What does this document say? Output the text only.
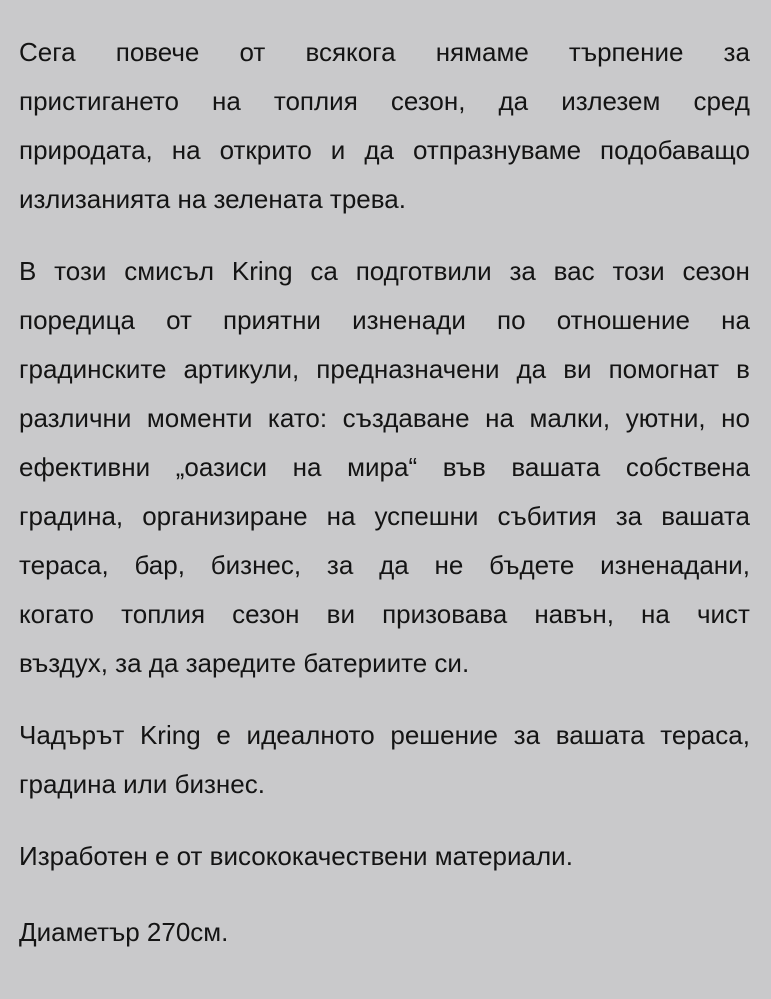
Сега повече от всякога нямаме търпение за
пристигането на топлия сезон, да излезем сред
природата, на открито и да отпразнуваме подобаващо
излизанията на зелената трева.

В този смисъл Kring са подготвили за вас този сезон
поредица от приятни изненади по отношение на
градинските артикули, предназначени да ви помогнат в
различни моменти като: създаване на малки, уютни, но
ефективни „оазиси на мира“ във вашата собствена
градина, организиране на успешни събития за вашата
тераса, бар, бизнес, за да не бъдете изненадани,
когато топлия сезон ви призовава навън, на чист
въздух, за да заредите батериите си.

Чадърът Kring е идеалното решение за вашата тераса,
градина или бизнес.

Изработен е от висококачествени материали.

Диаметър 270см.
